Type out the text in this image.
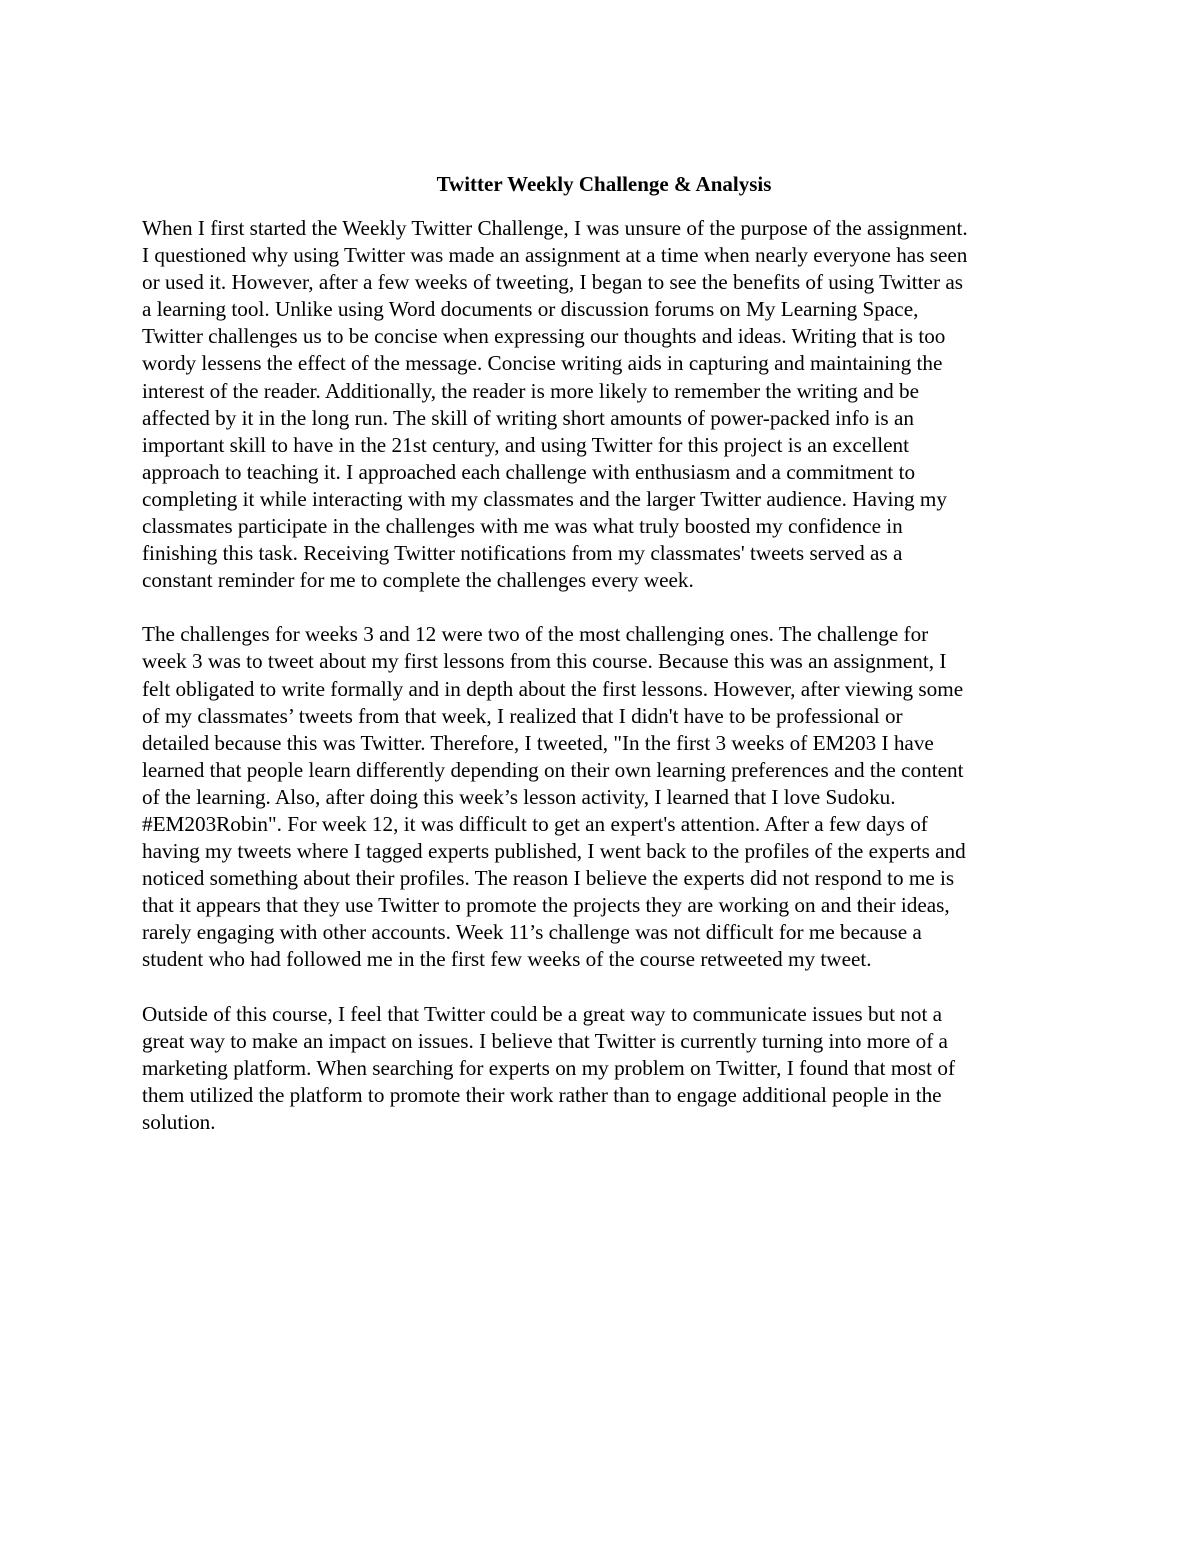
Twitter Weekly Challenge & Analysis
When I first started the Weekly Twitter Challenge, I was unsure of the purpose of the assignment.
I questioned why using Twitter was made an assignment at a time when nearly everyone has seen
or used it. However, after a few weeks of tweeting, I began to see the benefits of using Twitter as
a learning tool. Unlike using Word documents or discussion forums on My Learning Space,
Twitter challenges us to be concise when expressing our thoughts and ideas. Writing that is too
wordy lessens the effect of the message. Concise writing aids in capturing and maintaining the
interest of the reader. Additionally, the reader is more likely to remember the writing and be
affected by it in the long run. The skill of writing short amounts of power-packed info is an
important skill to have in the 21st century, and using Twitter for this project is an excellent
approach to teaching it. I approached each challenge with enthusiasm and a commitment to
completing it while interacting with my classmates and the larger Twitter audience. Having my
classmates participate in the challenges with me was what truly boosted my confidence in
finishing this task. Receiving Twitter notifications from my classmates' tweets served as a
constant reminder for me to complete the challenges every week.
The challenges for weeks 3 and 12 were two of the most challenging ones. The challenge for
week 3 was to tweet about my first lessons from this course. Because this was an assignment, I
felt obligated to write formally and in depth about the first lessons. However, after viewing some
of my classmates’ tweets from that week, I realized that I didn't have to be professional or
detailed because this was Twitter. Therefore, I tweeted, "In the first 3 weeks of EM203 I have
learned that people learn differently depending on their own learning preferences and the content
of the learning. Also, after doing this week’s lesson activity, I learned that I love Sudoku.
#EM203Robin". For week 12, it was difficult to get an expert's attention. After a few days of
having my tweets where I tagged experts published, I went back to the profiles of the experts and
noticed something about their profiles. The reason I believe the experts did not respond to me is
that it appears that they use Twitter to promote the projects they are working on and their ideas,
rarely engaging with other accounts. Week 11’s challenge was not difficult for me because a
student who had followed me in the first few weeks of the course retweeted my tweet.
Outside of this course, I feel that Twitter could be a great way to communicate issues but not a
great way to make an impact on issues. I believe that Twitter is currently turning into more of a
marketing platform. When searching for experts on my problem on Twitter, I found that most of
them utilized the platform to promote their work rather than to engage additional people in the
solution.
